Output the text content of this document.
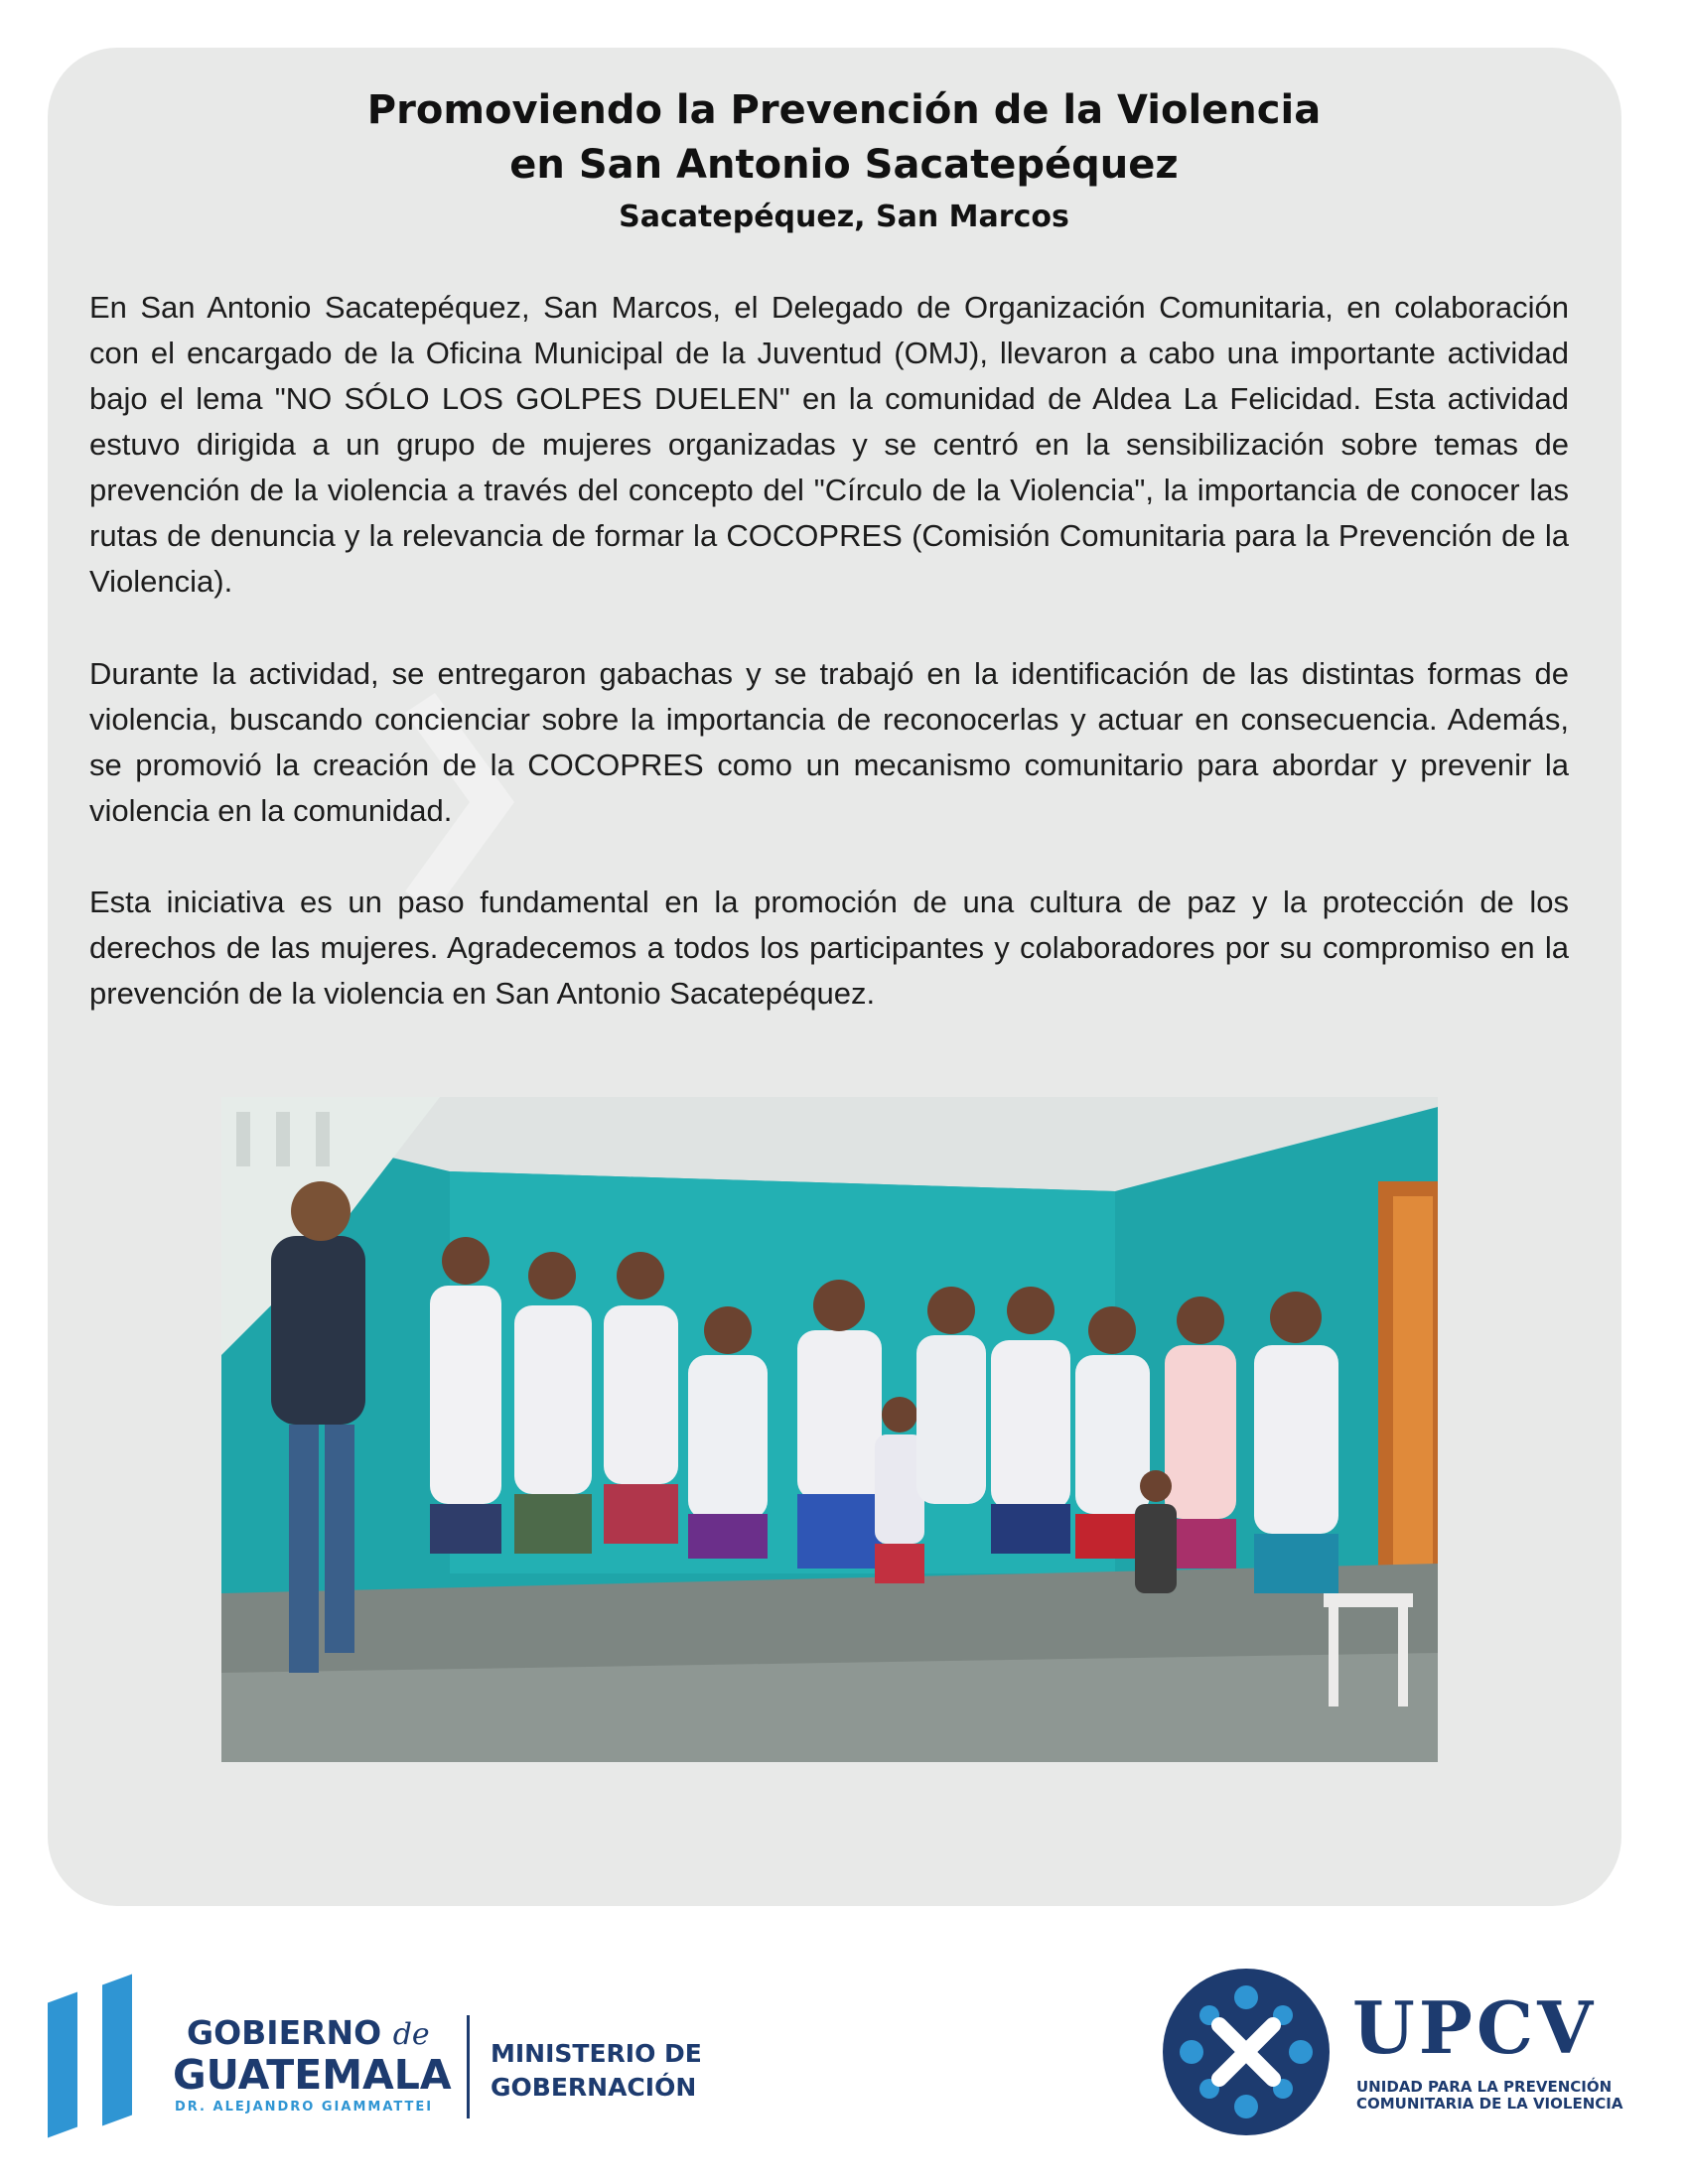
Promoviendo la Prevención de la Violencia
en San Antonio Sacatepéquez
Sacatepéquez, San Marcos

En San Antonio Sacatepéquez, San Marcos, el Delegado de Organización Comunitaria, en colaboración con el encargado de la Oficina Municipal de la Juventud (OMJ), llevaron a cabo una importante actividad bajo el lema "NO SÓLO LOS GOLPES DUELEN" en la comunidad de Aldea La Felicidad. Esta actividad estuvo dirigida a un grupo de mujeres organizadas y se centró en la sensibilización sobre temas de prevención de la violencia a través del concepto del "Círculo de la Violencia", la importancia de conocer las rutas de denuncia y la relevancia de formar la COCOPRES (Comisión Comunitaria para la Prevención de la Violencia).

Durante la actividad, se entregaron gabachas y se trabajó en la identificación de las distintas formas de violencia, buscando concienciar sobre la importancia de reconocerlas y actuar en consecuencia. Además, se promovió la creación de la COCOPRES como un mecanismo comunitario para abordar y prevenir la violencia en la comunidad.

Esta iniciativa es un paso fundamental en la promoción de una cultura de paz y la protección de los derechos de las mujeres. Agradecemos a todos los participantes y colaboradores por su compromiso en la prevención de la violencia en San Antonio Sacatepéquez.

GOBIERNO de
GUATEMALA
DR. ALEJANDRO GIAMMATTEI
MINISTERIO DE
GOBERNACIÓN
UPCV
UNIDAD PARA LA PREVENCIÓN
COMUNITARIA DE LA VIOLENCIA
